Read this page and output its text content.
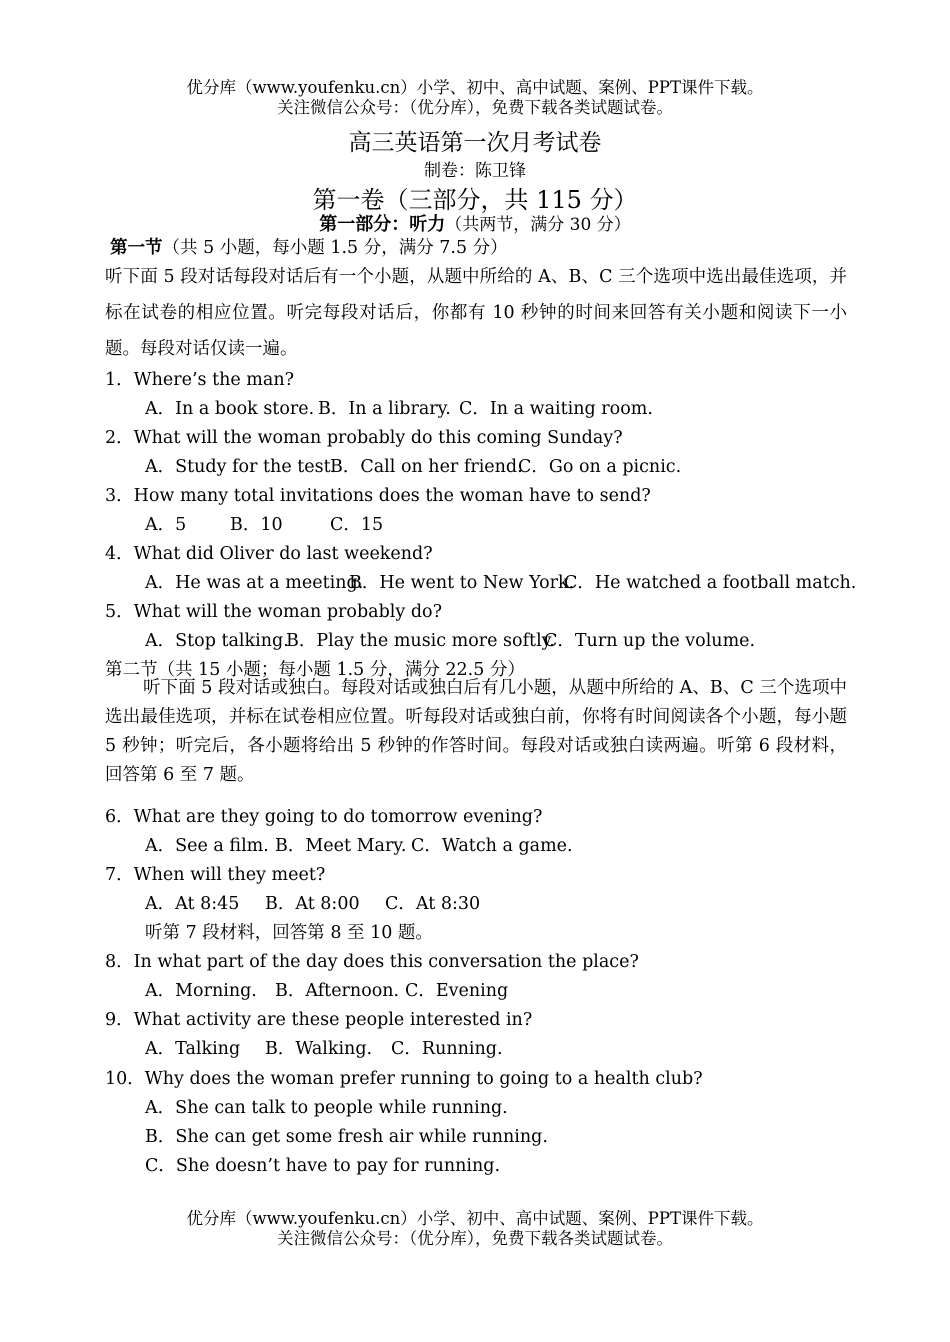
优分库（www.youfenku.cn）小学、初中、高中试题、案例、PPT课件下载。
关注微信公众号：（优分库），免费下载各类试题试卷。
高三英语第一次月考试卷
制卷：陈卫锋
第一卷（三部分，共 115 分）
第一部分：听力（共两节，满分 30 分）
第一节（共 5 小题，每小题 1.5 分，满分 7.5 分）
听下面 5 段对话每段对话后有一个小题，从题中所给的 A、B、C 三个选项中选出最佳选项，并标在试卷的相应位置。听完每段对话后，你都有 10 秒钟的时间来回答有关小题和阅读下一小题。每段对话仅读一遍。
1．Where’s the man?
A．In a book store. B．In a library. C．In a waiting room.
2．What will the woman probably do this coming Sunday?
A．Study for the test.
B．Call on her friend.
C．Go on a picnic.
3．How many total invitations does the woman have to send?
A．5 B．10	C．15
4．What did Oliver do last weekend?
A．He was at a meeting.
B．He went to New York.
C．He watched a football match.
5．What will the woman probably do?
A．Stop talking.
B．Play the music more softly.
C．Turn up the volume.
第二节（共 15 小题；每小题 1.5 分，满分 22.5 分）
听下面 5 段对话或独白。每段对话或独白后有几小题，从题中所给的 A、B、C 三个选项中选出最佳选项，并标在试卷相应位置。听每段对话或独白前，你将有时间阅读各个小题，每小题 5 秒钟；听完后，各小题将给出 5 秒钟的作答时间。每段对话或独白读两遍。听第 6 段材料，回答第 6 至 7 题。
6．What are they going to do tomorrow evening?
A．See a film. B．Meet Mary. C．Watch a game.
7．When will they meet?
A．At 8:45 B．At 8:00 C．At 8:30
听第 7 段材料，回答第 8 至 10 题。
8．In what part of the day does this conversation the place?
A．Morning. B．Afternoon. C．Evening
9．What activity are these people interested in?
A．Talking B．Walking. C．Running.
10．Why does the woman prefer running to going to a health club?
A．She can talk to people while running.
B．She can get some fresh air while running.
C．She doesn’t have to pay for running.
优分库（www.youfenku.cn）小学、初中、高中试题、案例、PPT课件下载。
关注微信公众号：（优分库），免费下载各类试题试卷。
